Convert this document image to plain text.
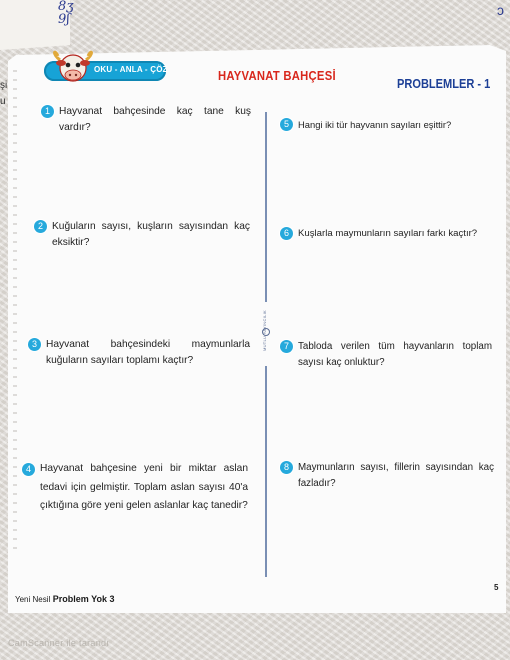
8ʒ
9ʃ
ↄ
şi
u
OKU - ANLA - ÇÖZ	HAYVANAT BAHÇESİ	PROBLEMLER - 1
MUTLU YAYINCILIK
1 Hayvanat bahçesinde kaç tane kuş vardır?
2 Kuğuların sayısı, kuşların sayısından kaç eksiktir?
3 Hayvanat bahçesindeki maymunlarla kuğuların sayıları toplamı kaçtır?
4 Hayvanat bahçesine yeni bir miktar aslan tedavi için gelmiştir. Toplam aslan sayısı 40'a çıktığına göre yeni gelen aslanlar kaç tanedir?
5 Hangi iki tür hayvanın sayıları eşittir?
6 Kuşlarla maymunların sayıları farkı kaçtır?
7 Tabloda verilen tüm hayvanların toplam sayısı kaç onluktur?
8 Maymunların sayısı, fillerin sayısından kaç fazladır?
Yeni Nesil Problem Yok 3
5
CamScanner ile tarandı
